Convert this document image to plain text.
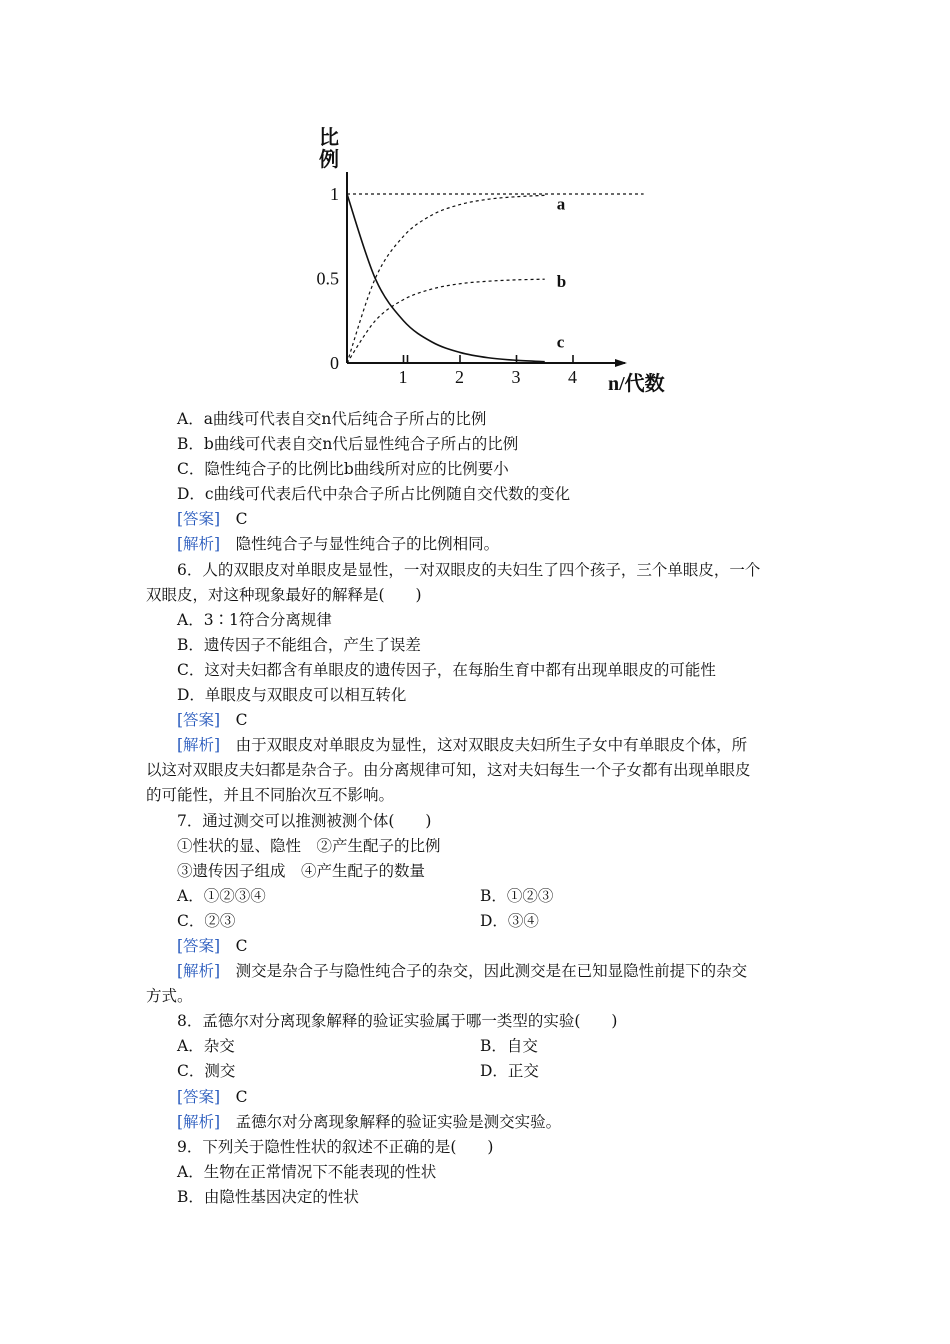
比
例
1	2	3	4
0
0.5
1	a
b
c
n/代数
A．a曲线可代表自交n代后纯合子所占的比例
B．b曲线可代表自交n代后显性纯合子所占的比例
C．隐性纯合子的比例比b曲线所对应的比例要小
D．c曲线可代表后代中杂合子所占比例随自交代数的变化
[答案]　C
[解析]　隐性纯合子与显性纯合子的比例相同。
6．人的双眼皮对单眼皮是显性，一对双眼皮的夫妇生了四个孩子，三个单眼皮，一个
双眼皮，对这种现象最好的解释是(　　)
A．3∶1符合分离规律
B．遗传因子不能组合，产生了误差
C．这对夫妇都含有单眼皮的遗传因子，在每胎生育中都有出现单眼皮的可能性
D．单眼皮与双眼皮可以相互转化
[答案]　C
[解析]　由于双眼皮对单眼皮为显性，这对双眼皮夫妇所生子女中有单眼皮个体，所
以这对双眼皮夫妇都是杂合子。由分离规律可知，这对夫妇每生一个子女都有出现单眼皮
的可能性，并且不同胎次互不影响。
7．通过测交可以推测被测个体(　　)
①性状的显、隐性　②产生配子的比例
③遗传因子组成　④产生配子的数量
A．①②③④	B．①②③
C．②③	D．③④
[答案]　C
[解析]　测交是杂合子与隐性纯合子的杂交，因此测交是在已知显隐性前提下的杂交
方式。
8．孟德尔对分离现象解释的验证实验属于哪一类型的实验(　　)
A．杂交	B．自交
C．测交	D．正交
[答案]　C
[解析]　孟德尔对分离现象解释的验证实验是测交实验。
9．下列关于隐性性状的叙述不正确的是(　　)
A．生物在正常情况下不能表现的性状
B．由隐性基因决定的性状
